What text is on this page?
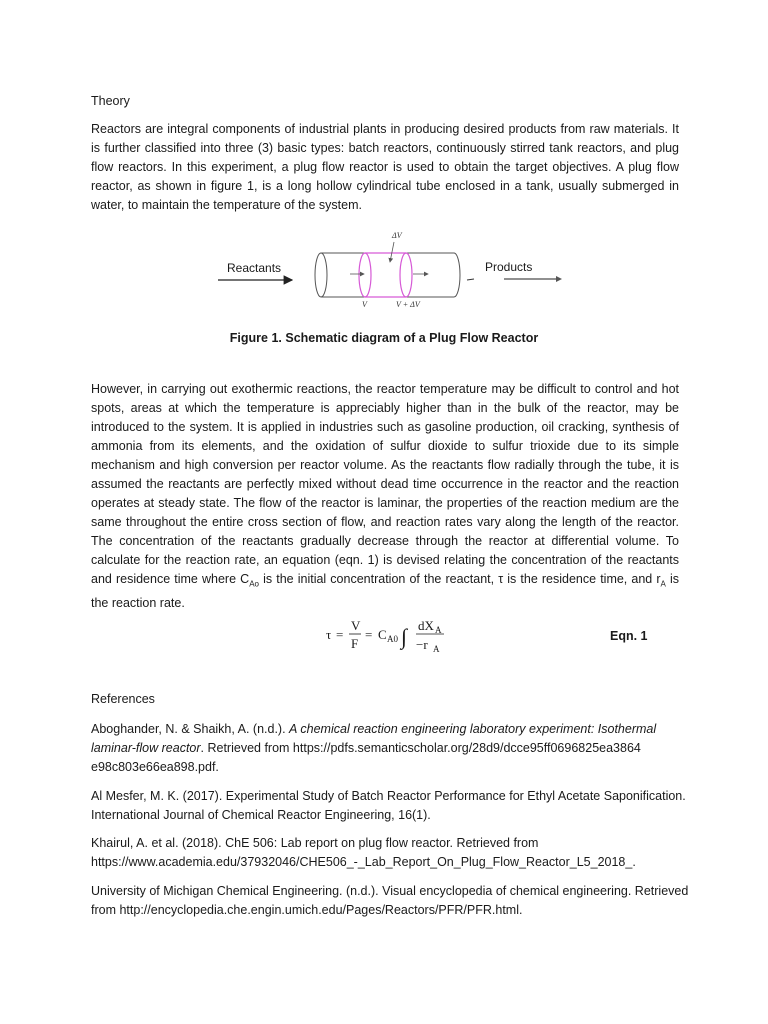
Theory
Reactors are integral components of industrial plants in producing desired products from raw materials. It is further classified into three (3) basic types: batch reactors, continuously stirred tank reactors, and plug flow reactors. In this experiment, a plug flow reactor is used to obtain the target objectives. A plug flow reactor, as shown in figure 1, is a long hollow cylindrical tube enclosed in a tank, usually submerged in water, to maintain the temperature of the system.
Reactants
ΔV
V	V + ΔV
Products
Figure 1. Schematic diagram of a Plug Flow Reactor
However, in carrying out exothermic reactions, the reactor temperature may be difficult to control and hot spots, areas at which the temperature is appreciably higher than in the bulk of the reactor, may be introduced to the system. It is applied in industries such as gasoline production, oil cracking, synthesis of ammonia from its elements, and the oxidation of sulfur dioxide to sulfur trioxide due to its simple mechanism and high conversion per reactor volume. As the reactants flow radially through the tube, it is assumed the reactants are perfectly mixed without dead time occurrence in the reactor and the reaction operates at steady state. The flow of the reactor is laminar, the properties of the reaction medium are the same throughout the entire cross section of flow, and reaction rates vary along the length of the reactor. The concentration of the reactants gradually decrease through the reactor at differential volume. To calculate for the reaction rate, an equation (eqn. 1) is devised relating the concentration of the reactants and residence time where $C_{Ao}$ is the initial concentration of the reactant, τ is the residence time, and $r_A$ is the reaction rate.
τ =
V
F
= C A0 ∫ dX A
−r A
Eqn. 1
References
Aboghander, N. & Shaikh, A. (n.d.). A chemical reaction engineering laboratory experiment: Isothermal laminar-flow reactor. Retrieved from https://pdfs.semanticscholar.org/28d9/dcce95ff0696825ea3864 e98c803e66ea898.pdf.
Al Mesfer, M. K. (2017). Experimental Study of Batch Reactor Performance for Ethyl Acetate Saponification. International Journal of Chemical Reactor Engineering, 16(1).
Khairul, A. et al. (2018). ChE 506: Lab report on plug flow reactor. Retrieved from https://www.academia.edu/37932046/CHE506_-_Lab_Report_On_Plug_Flow_Reactor_L5_2018_.
University of Michigan Chemical Engineering. (n.d.). Visual encyclopedia of chemical engineering. Retrieved from http://encyclopedia.che.engin.umich.edu/Pages/Reactors/PFR/PFR.html.
